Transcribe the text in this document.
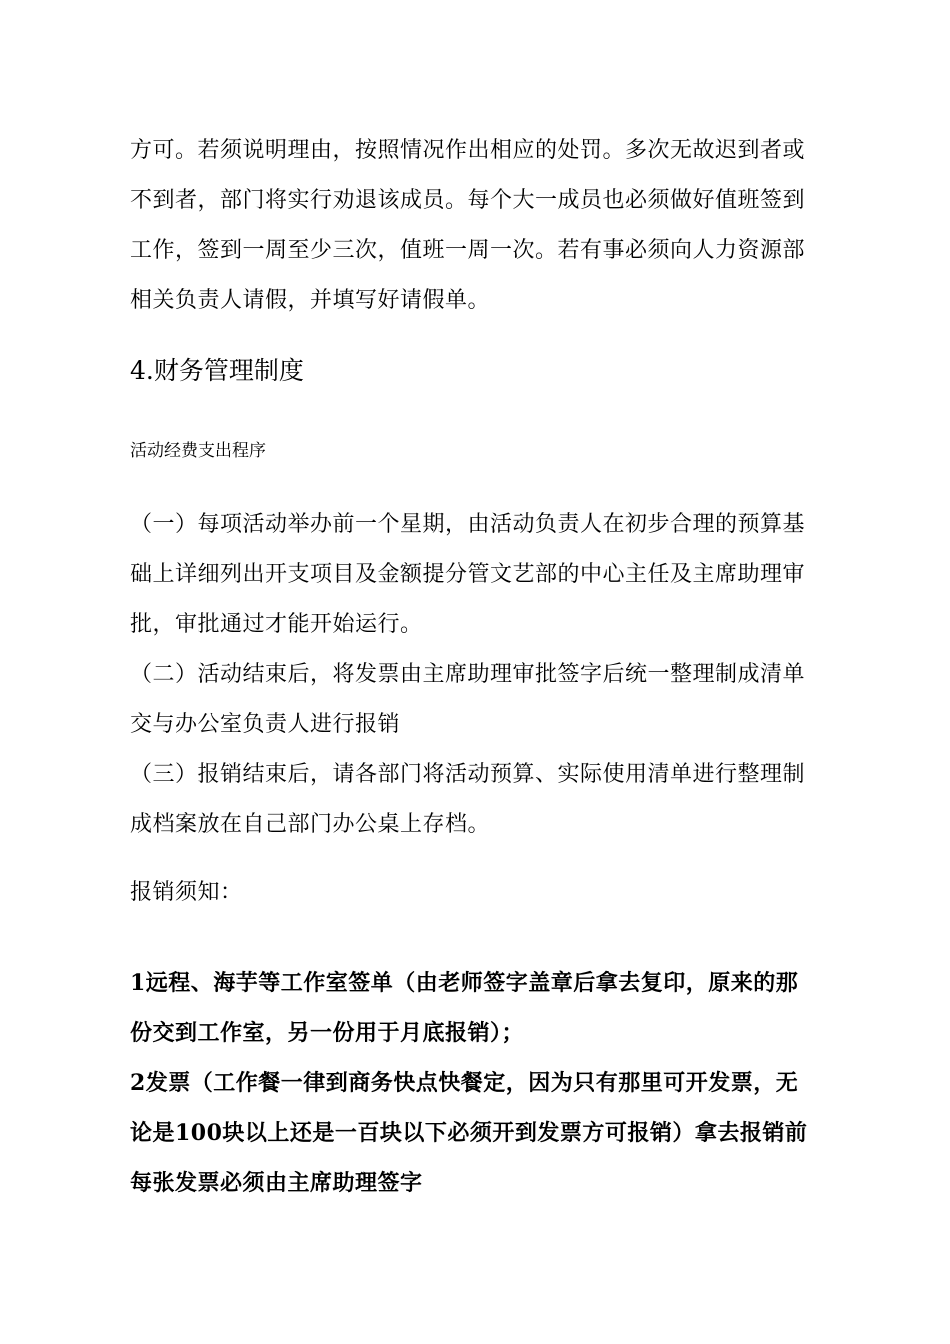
方可。若须说明理由，按照情况作出相应的处罚。多次无故迟到者或
不到者，部门将实行劝退该成员。每个大一成员也必须做好值班签到
工作，签到一周至少三次，值班一周一次。若有事必须向人力资源部
相关负责人请假，并填写好请假单。
4.财务管理制度
活动经费支出程序
（一）每项活动举办前一个星期，由活动负责人在初步合理的预算基
础上详细列出开支项目及金额提分管文艺部的中心主任及主席助理审
批，审批通过才能开始运行。
（二）活动结束后，将发票由主席助理审批签字后统一整理制成清单
交与办公室负责人进行报销
（三）报销结束后，请各部门将活动预算、实际使用清单进行整理制
成档案放在自己部门办公桌上存档。
报销须知：
1远程、海芋等工作室签单（由老师签字盖章后拿去复印，原来的那
份交到工作室，另一份用于月底报销）；
2发票（工作餐一律到商务快点快餐定，因为只有那里可开发票，无
论是100块以上还是一百块以下必须开到发票方可报销）拿去报销前
每张发票必须由主席助理签字
